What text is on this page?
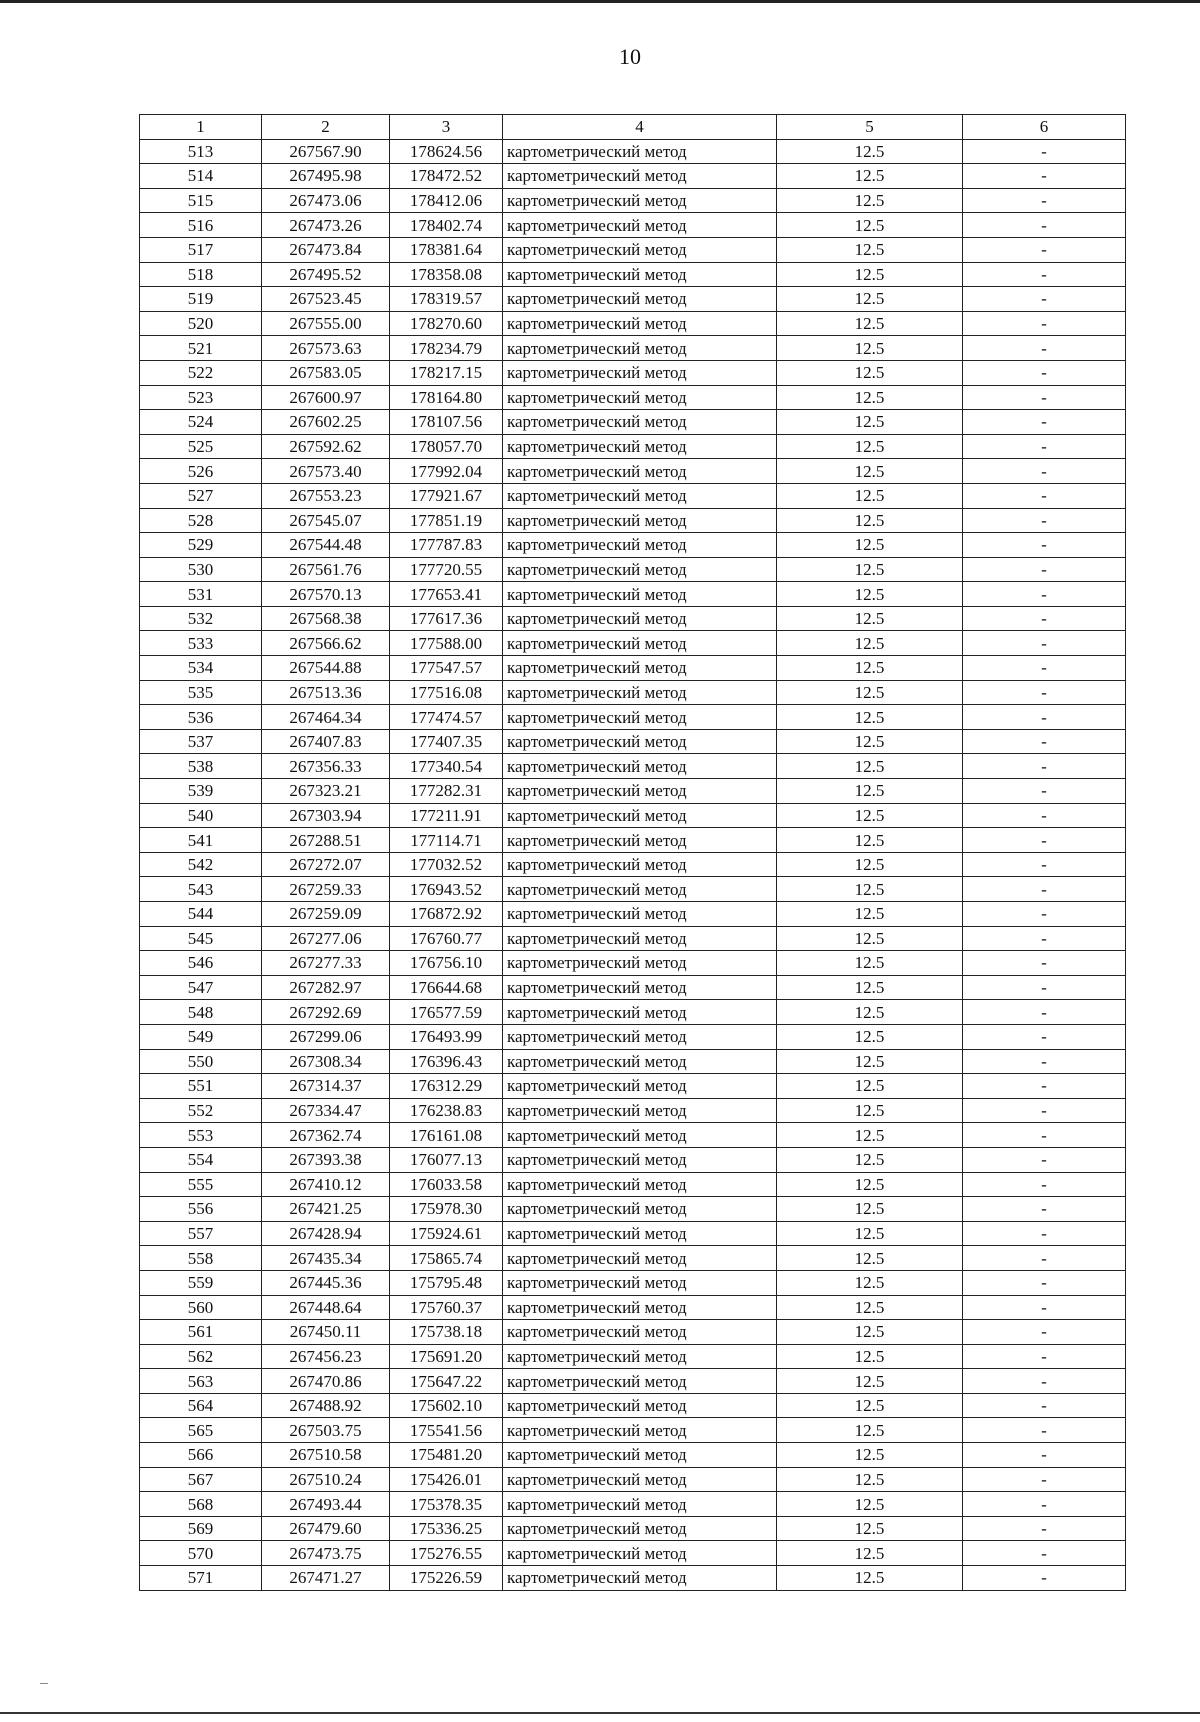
10
1	2	3	4	5	6
513	267567.90	178624.56	картометрический метод	12.5	-
514	267495.98	178472.52	картометрический метод	12.5	-
515	267473.06	178412.06	картометрический метод	12.5	-
516	267473.26	178402.74	картометрический метод	12.5	-
517	267473.84	178381.64	картометрический метод	12.5	-
518	267495.52	178358.08	картометрический метод	12.5	-
519	267523.45	178319.57	картометрический метод	12.5	-
520	267555.00	178270.60	картометрический метод	12.5	-
521	267573.63	178234.79	картометрический метод	12.5	-
522	267583.05	178217.15	картометрический метод	12.5	-
523	267600.97	178164.80	картометрический метод	12.5	-
524	267602.25	178107.56	картометрический метод	12.5	-
525	267592.62	178057.70	картометрический метод	12.5	-
526	267573.40	177992.04	картометрический метод	12.5	-
527	267553.23	177921.67	картометрический метод	12.5	-
528	267545.07	177851.19	картометрический метод	12.5	-
529	267544.48	177787.83	картометрический метод	12.5	-
530	267561.76	177720.55	картометрический метод	12.5	-
531	267570.13	177653.41	картометрический метод	12.5	-
532	267568.38	177617.36	картометрический метод	12.5	-
533	267566.62	177588.00	картометрический метод	12.5	-
534	267544.88	177547.57	картометрический метод	12.5	-
535	267513.36	177516.08	картометрический метод	12.5	-
536	267464.34	177474.57	картометрический метод	12.5	-
537	267407.83	177407.35	картометрический метод	12.5	-
538	267356.33	177340.54	картометрический метод	12.5	-
539	267323.21	177282.31	картометрический метод	12.5	-
540	267303.94	177211.91	картометрический метод	12.5	-
541	267288.51	177114.71	картометрический метод	12.5	-
542	267272.07	177032.52	картометрический метод	12.5	-
543	267259.33	176943.52	картометрический метод	12.5	-
544	267259.09	176872.92	картометрический метод	12.5	-
545	267277.06	176760.77	картометрический метод	12.5	-
546	267277.33	176756.10	картометрический метод	12.5	-
547	267282.97	176644.68	картометрический метод	12.5	-
548	267292.69	176577.59	картометрический метод	12.5	-
549	267299.06	176493.99	картометрический метод	12.5	-
550	267308.34	176396.43	картометрический метод	12.5	-
551	267314.37	176312.29	картометрический метод	12.5	-
552	267334.47	176238.83	картометрический метод	12.5	-
553	267362.74	176161.08	картометрический метод	12.5	-
554	267393.38	176077.13	картометрический метод	12.5	-
555	267410.12	176033.58	картометрический метод	12.5	-
556	267421.25	175978.30	картометрический метод	12.5	-
557	267428.94	175924.61	картометрический метод	12.5	-
558	267435.34	175865.74	картометрический метод	12.5	-
559	267445.36	175795.48	картометрический метод	12.5	-
560	267448.64	175760.37	картометрический метод	12.5	-
561	267450.11	175738.18	картометрический метод	12.5	-
562	267456.23	175691.20	картометрический метод	12.5	-
563	267470.86	175647.22	картометрический метод	12.5	-
564	267488.92	175602.10	картометрический метод	12.5	-
565	267503.75	175541.56	картометрический метод	12.5	-
566	267510.58	175481.20	картометрический метод	12.5	-
567	267510.24	175426.01	картометрический метод	12.5	-
568	267493.44	175378.35	картометрический метод	12.5	-
569	267479.60	175336.25	картометрический метод	12.5	-
570	267473.75	175276.55	картометрический метод	12.5	-
571	267471.27	175226.59	картометрический метод	12.5	-
